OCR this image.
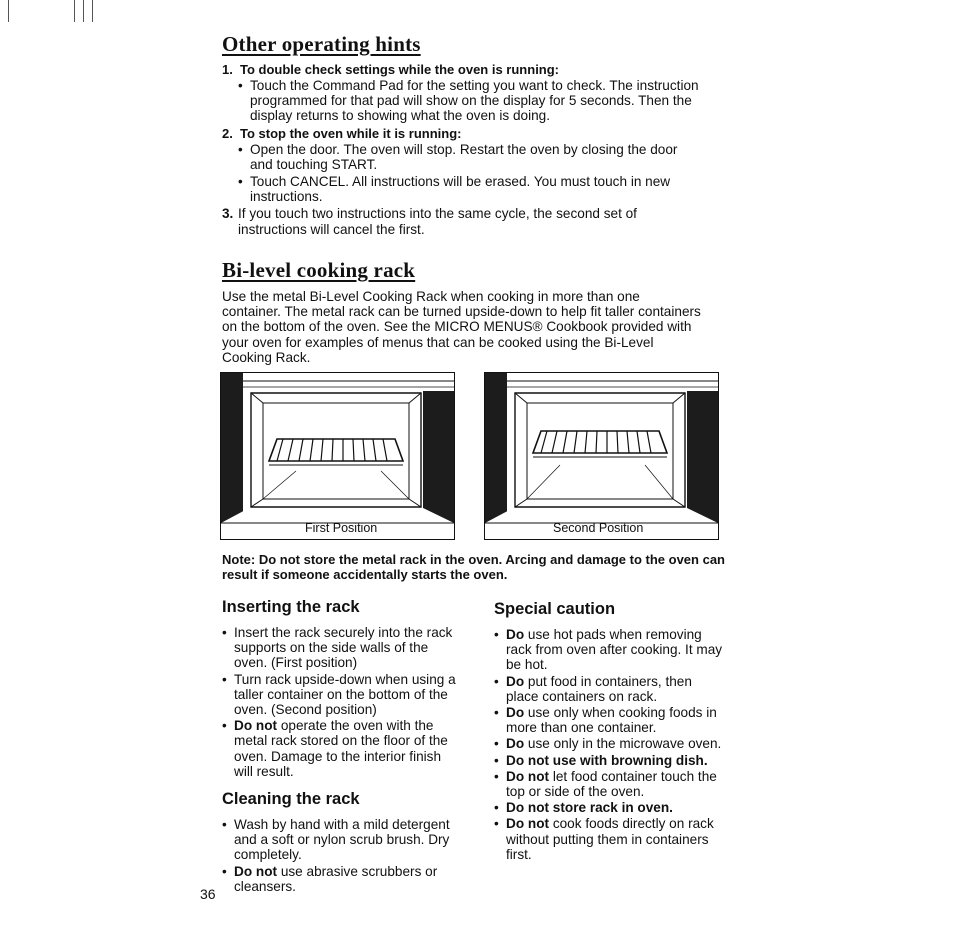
Other operating hints
1. To double check settings while the oven is running:
• Touch the Command Pad for the setting you want to check. The instruction programmed for that pad will show on the display for 5 seconds. Then the display returns to showing what the oven is doing.
2. To stop the oven while it is running:
• Open the door. The oven will stop. Restart the oven by closing the door and touching START.
• Touch CANCEL. All instructions will be erased. You must touch in new instructions.
3. If you touch two instructions into the same cycle, the second set of instructions will cancel the first.
Bi-level cooking rack
Use the metal Bi-Level Cooking Rack when cooking in more than one container. The metal rack can be turned upside-down to help fit taller containers on the bottom of the oven. See the MICRO MENUS® Cookbook provided with your oven for examples of menus that can be cooked using the Bi-Level Cooking Rack.
First Position	Second Position
Note: Do not store the metal rack in the oven. Arcing and damage to the oven can result if someone accidentally starts the oven.
Inserting the rack
• Insert the rack securely into the rack supports on the side walls of the oven. (First position)
• Turn rack upside-down when using a taller container on the bottom of the oven. (Second position)
• Do not operate the oven with the metal rack stored on the floor of the oven. Damage to the interior finish will result.
Cleaning the rack
• Wash by hand with a mild detergent and a soft or nylon scrub brush. Dry completely.
• Do not use abrasive scrubbers or cleansers.
36
Special caution
• Do use hot pads when removing rack from oven after cooking. It may be hot.
• Do put food in containers, then place containers on rack.
• Do use only when cooking foods in more than one container.
• Do use only in the microwave oven.
• Do not use with browning dish.
• Do not let food container touch the top or side of the oven.
• Do not store rack in oven.
• Do not cook foods directly on rack without putting them in containers first.
